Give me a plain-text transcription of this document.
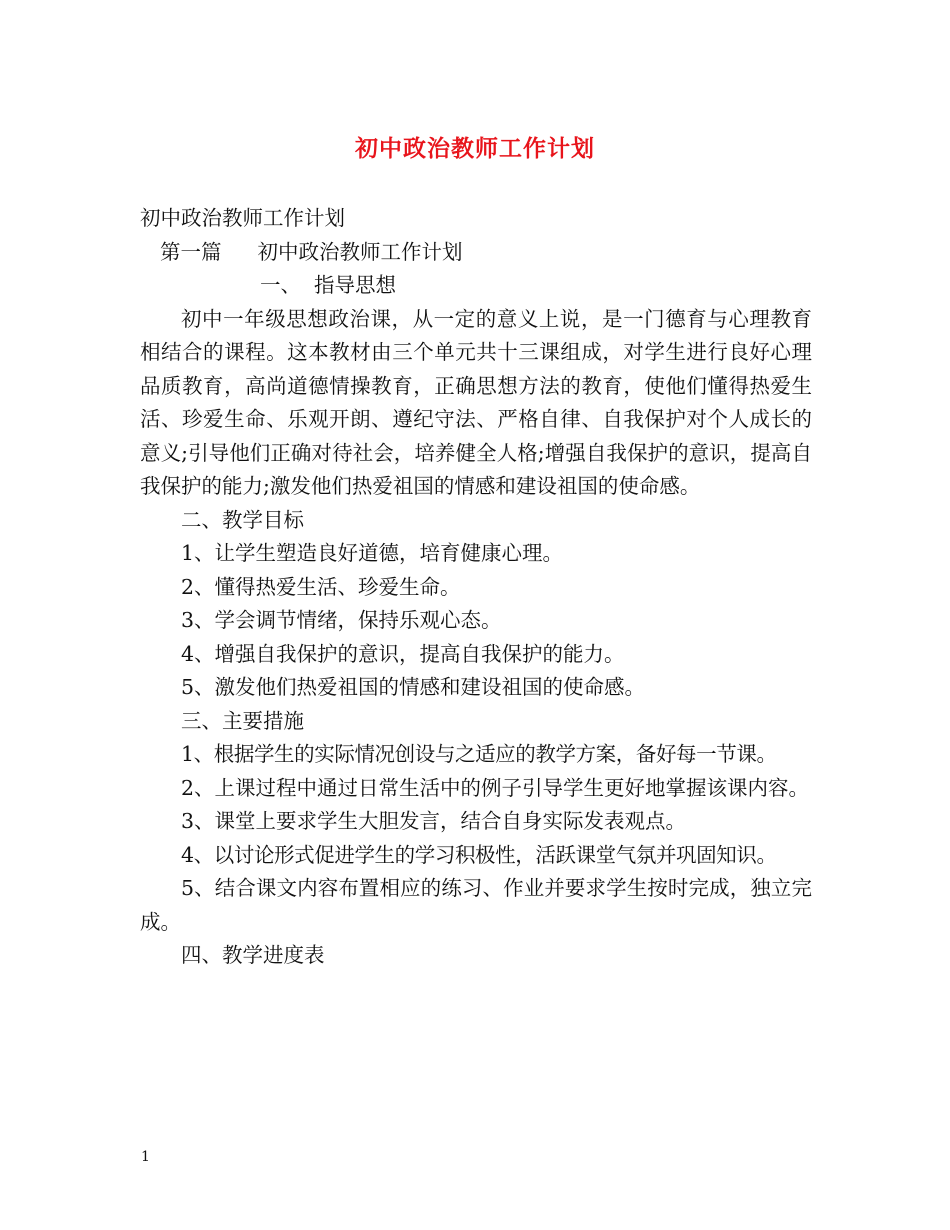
初中政治教师工作计划
初中政治教师工作计划
第一篇 初中政治教师工作计划
一、 指导思想
初中一年级思想政治课，从一定的意义上说，是一门德育与心理教育相结合的课程。这本教材由三个单元共十三课组成，对学生进行良好心理品质教育，高尚道德情操教育，正确思想方法的教育，使他们懂得热爱生活、珍爱生命、乐观开朗、遵纪守法、严格自律、自我保护对个人成长的意义;引导他们正确对待社会，培养健全人格;增强自我保护的意识，提高自我保护的能力;激发他们热爱祖国的情感和建设祖国的使命感。
二、教学目标
1、让学生塑造良好道德，培育健康心理。
2、懂得热爱生活、珍爱生命。
3、学会调节情绪，保持乐观心态。
4、增强自我保护的意识，提高自我保护的能力。
5、激发他们热爱祖国的情感和建设祖国的使命感。
三、主要措施
1、根据学生的实际情况创设与之适应的教学方案，备好每一节课。
2、上课过程中通过日常生活中的例子引导学生更好地掌握该课内容。
3、课堂上要求学生大胆发言，结合自身实际发表观点。
4、以讨论形式促进学生的学习积极性，活跃课堂气氛并巩固知识。
5、结合课文内容布置相应的练习、作业并要求学生按时完成，独立完成。
四、教学进度表
1
